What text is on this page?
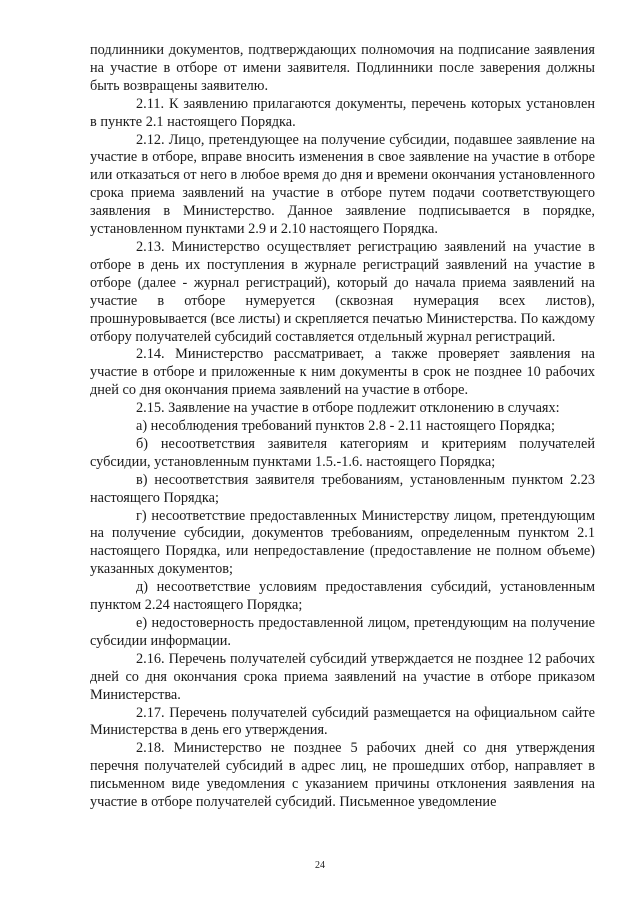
подлинники документов, подтверждающих полномочия на подписание заявления на участие в отборе от имени заявителя. Подлинники после заверения должны быть возвращены заявителю.

2.11. К заявлению прилагаются документы, перечень которых установлен в пункте 2.1 настоящего Порядка.

2.12. Лицо, претендующее на получение субсидии, подавшее заявление на участие в отборе, вправе вносить изменения в свое заявление на участие в отборе или отказаться от него в любое время до дня и времени окончания установленного срока приема заявлений на участие в отборе путем подачи соответствующего заявления в Министерство. Данное заявление подписывается в порядке, установленном пунктами 2.9 и 2.10 настоящего Порядка.

2.13. Министерство осуществляет регистрацию заявлений на участие в отборе в день их поступления в журнале регистраций заявлений на участие в отборе (далее - журнал регистраций), который до начала приема заявлений на участие в отборе нумеруется (сквозная нумерация всех листов), прошнуровывается (все листы) и скрепляется печатью Министерства. По каждому отбору получателей субсидий составляется отдельный журнал регистраций.

2.14. Министерство рассматривает, а также проверяет заявления на участие в отборе и приложенные к ним документы в срок не позднее 10 рабочих дней со дня окончания приема заявлений на участие в отборе.

2.15. Заявление на участие в отборе подлежит отклонению в случаях:

а) несоблюдения требований пунктов 2.8 - 2.11 настоящего Порядка;

б) несоответствия заявителя категориям и критериям получателей субсидии, установленным пунктами 1.5.-1.6. настоящего Порядка;

в) несоответствия заявителя требованиям, установленным пунктом 2.23 настоящего Порядка;

г) несоответствие предоставленных Министерству лицом, претендующим на получение субсидии, документов требованиям, определенным пунктом 2.1 настоящего Порядка, или непредоставление (предоставление не полном объеме) указанных документов;

д) несоответствие условиям предоставления субсидий, установленным пунктом 2.24 настоящего Порядка;

е) недостоверность предоставленной лицом, претендующим на получение субсидии информации.

2.16. Перечень получателей субсидий утверждается не позднее 12 рабочих дней со дня окончания срока приема заявлений на участие в отборе приказом Министерства.

2.17. Перечень получателей субсидий размещается на официальном сайте Министерства в день его утверждения.

2.18. Министерство не позднее 5 рабочих дней со дня утверждения перечня получателей субсидий в адрес лиц, не прошедших отбор, направляет в письменном виде уведомления с указанием причины отклонения заявления на участие в отборе получателей субсидий. Письменное уведомление

24
